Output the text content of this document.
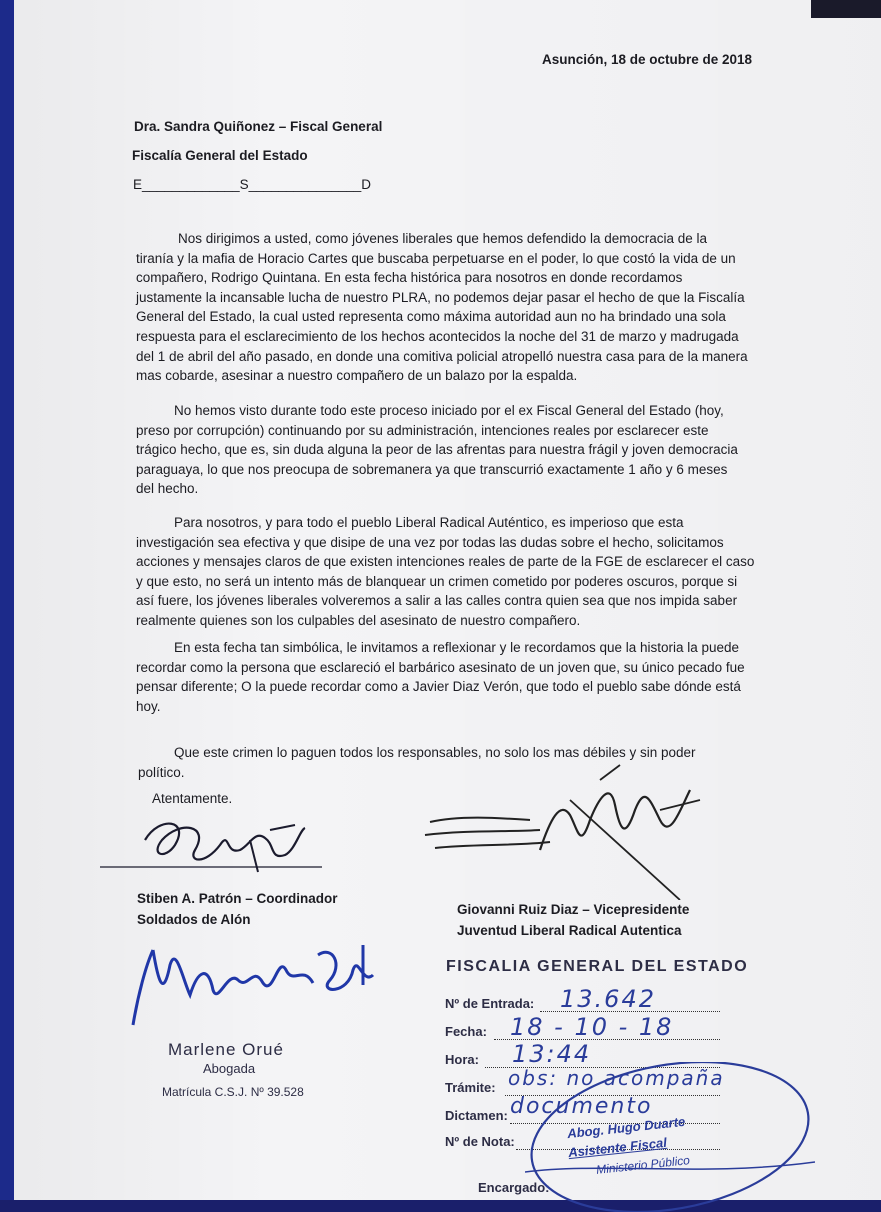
Asunción, 18 de octubre de 2018
Dra. Sandra Quiñonez – Fiscal General
Fiscalía General del Estado
E_____________S_______________D
Nos dirigimos a usted, como jóvenes liberales que hemos defendido la democracia de la
tiranía y la mafia de Horacio Cartes que buscaba perpetuarse en el poder, lo que costó la vida de un
compañero, Rodrigo Quintana. En esta fecha histórica para nosotros en donde recordamos
justamente la incansable lucha de nuestro PLRA, no podemos dejar pasar el hecho de que la Fiscalía
General del Estado, la cual usted representa como máxima autoridad aun no ha brindado una sola
respuesta para el esclarecimiento de los hechos acontecidos la noche del 31 de marzo y madrugada
del 1 de abril del año pasado, en donde una comitiva policial atropelló nuestra casa para de la manera
mas cobarde, asesinar a nuestro compañero de un balazo por la espalda.
No hemos visto durante todo este proceso iniciado por el ex Fiscal General del Estado (hoy,
preso por corrupción) continuando por su administración, intenciones reales por esclarecer este
trágico hecho, que es, sin duda alguna la peor de las afrentas para nuestra frágil y joven democracia
paraguaya, lo que nos preocupa de sobremanera ya que transcurrió exactamente 1 año y 6 meses
del hecho.
Para nosotros, y para todo el pueblo Liberal Radical Auténtico, es imperioso que esta
investigación sea efectiva y que disipe de una vez por todas las dudas sobre el hecho, solicitamos
acciones y mensajes claros de que existen intenciones reales de parte de la FGE de esclarecer el caso
y que esto, no será un intento más de blanquear un crimen cometido por poderes oscuros, porque si
así fuere, los jóvenes liberales volveremos a salir a las calles contra quien sea que nos impida saber
realmente quienes son los culpables del asesinato de nuestro compañero.
En esta fecha tan simbólica, le invitamos a reflexionar y le recordamos que la historia la puede
recordar como la persona que esclareció el barbárico asesinato de un joven que, su único pecado fue
pensar diferente; O la puede recordar como a Javier Diaz Verón, que todo el pueblo sabe dónde está
hoy.
Que este crimen lo paguen todos los responsables, no solo los mas débiles y sin poder
político.
Atentamente.
Stiben A. Patrón – Coordinador
Soldados de Alón
Giovanni Ruiz Diaz – Vicepresidente
Juventud Liberal Radical Autentica
Marlene Orué
Abogada
Matrícula C.S.J. Nº 39.528
FISCALIA GENERAL DEL ESTADO
Nº de Entrada: 13.642
Fecha: 18 - 10 - 18
Hora: 13:44
Trámite: obs: no acompaña
Dictamen: documento
Nº de Nota:
Encargado:
Abog. Hugo Duarte
Asistente Fiscal
Ministerio Público
